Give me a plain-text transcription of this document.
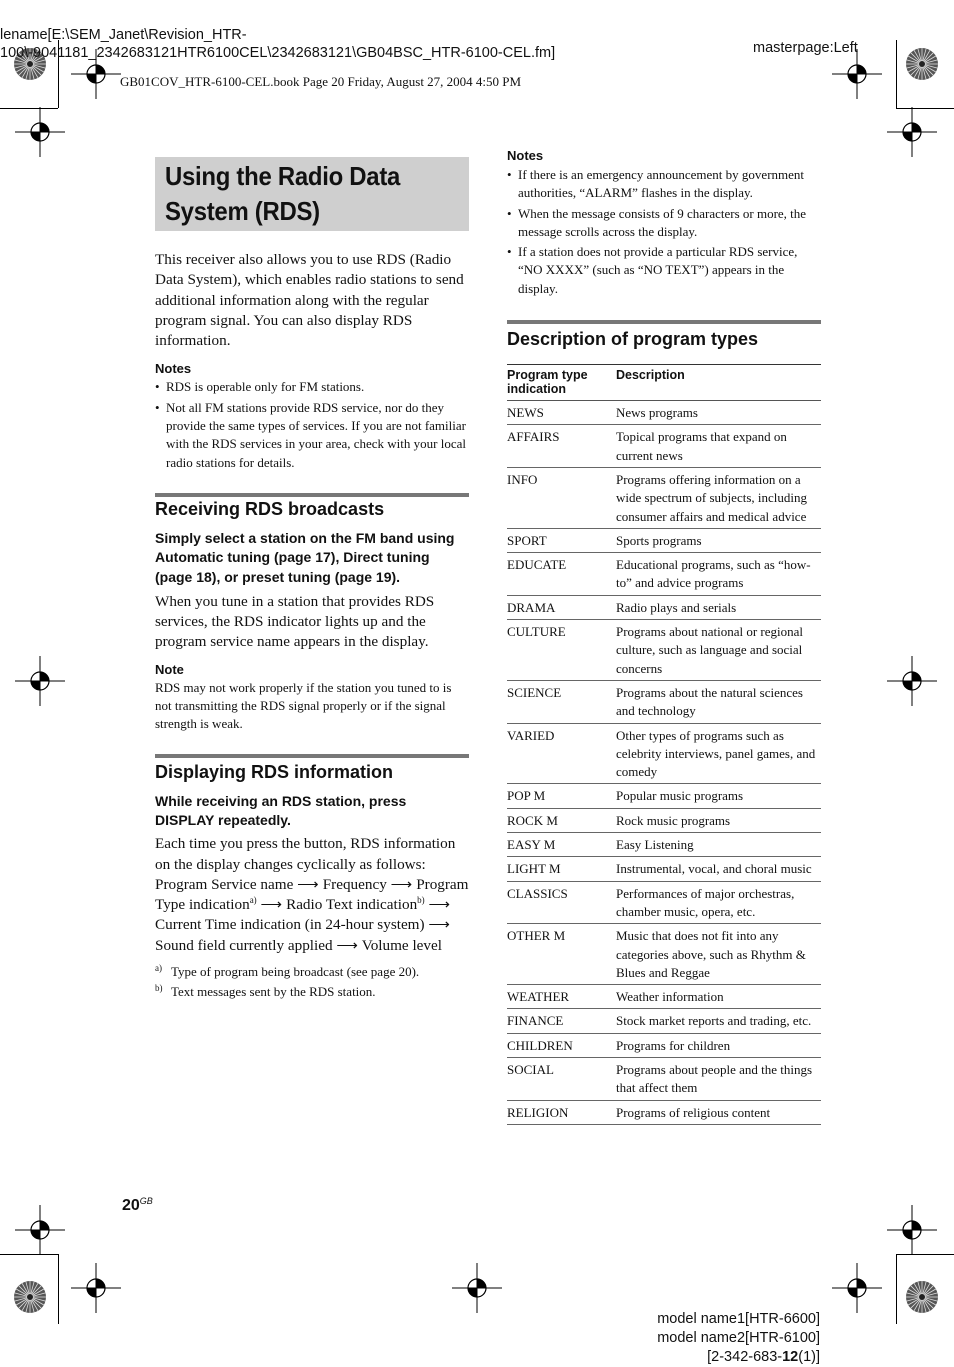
lename[E:\SEM_Janet\Revision_HTR-
100\-9041181_2342683121HTR6100CEL\2342683121\GB04BSC_HTR-6100-CEL.fm]	masterpage:Left
GB01COV_HTR-6100-CEL.book Page 20 Friday, August 27, 2004 4:50 PM
Using the Radio Data
System (RDS)

This receiver also allows you to use RDS (Radio Data System), which enables radio stations to send additional information along with the regular program signal. You can also display RDS information.

Notes

• RDS is operable only for FM stations.
• Not all FM stations provide RDS service, nor do they provide the same types of services. If you are not familiar with the RDS services in your area, check with your local radio stations for details.
Receiving RDS broadcasts

Simply select a station on the FM band using Automatic tuning (page 17), Direct tuning (page 18), or preset tuning (page 19).

When you tune in a station that provides RDS services, the RDS indicator lights up and the program service name appears in the display.

Note

RDS may not work properly if the station you tuned to is not transmitting the RDS signal properly or if the signal strength is weak.

Displaying RDS information

While receiving an RDS station, press DISPLAY repeatedly.

Each time you press the button, RDS information on the display changes cyclically as follows:

Program Service name ⟶ Frequency ⟶ Program Type indication$^{a)}$ ⟶ Radio Text indication$^{b)}$ ⟶ Current Time indication (in 24-hour system) ⟶ Sound field currently applied ⟶ Volume level

a) Type of program being broadcast (see page 20).
b) Text messages sent by the RDS station.

Notes

• If there is an emergency announcement by government authorities, “ALARM” flashes in the display.
• When the message consists of 9 characters or more, the message scrolls across the display.
• If a station does not provide a particular RDS service, “NO XXXX” (such as “NO TEXT”) appears in the display.
Description of program types
Program type indication	Description
NEWS	News programs
AFFAIRS	Topical programs that expand on current news
INFO	Programs offering information on a wide spectrum of subjects, including consumer affairs and medical advice
SPORT	Sports programs
EDUCATE	Educational programs, such as “how-to” and advice programs
DRAMA	Radio plays and serials
CULTURE	Programs about national or regional culture, such as language and social concerns
SCIENCE	Programs about the natural sciences and technology
VARIED	Other types of programs such as celebrity interviews, panel games, and comedy
POP M	Popular music programs
ROCK M	Rock music programs
EASY M	Easy Listening
LIGHT M	Instrumental, vocal, and choral music
CLASSICS	Performances of major orchestras, chamber music, opera, etc.
OTHER M	Music that does not fit into any categories above, such as Rhythm & Blues and Reggae
WEATHER	Weather information
FINANCE	Stock market reports and trading, etc.
CHILDREN	Programs for children
SOCIAL	Programs about people and the things that affect them
RELIGION	Programs of religious content
$20^{GB}$
model name1[HTR-6600]
model name2[HTR-6100]
[2-342-683-12(1)]
